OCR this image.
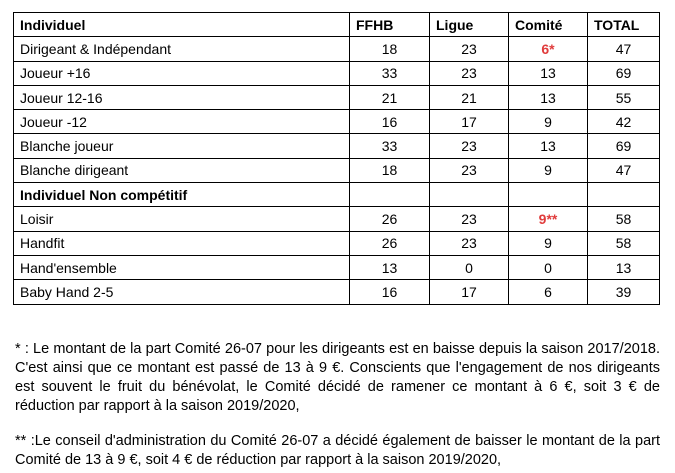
Individuel	FFHB	Ligue	Comité	TOTAL
Dirigeant & Indépendant	18	23	6*	47
Joueur +16	33	23	13	69
Joueur 12-16	21	21	13	55
Joueur -12	16	17	9	42
Blanche joueur	33	23	13	69
Blanche dirigeant	18	23	9	47
Individuel Non compétitif				
Loisir	26	23	9**	58
Handfit	26	23	9	58
Hand'ensemble	13	0	0	13
Baby Hand 2-5	16	17	6	39

* : Le montant de la part Comité 26-07 pour les dirigeants est en baisse depuis la saison 2017/2018. C'est ainsi que ce montant est passé de 13 à 9 €. Conscients que l'engagement de nos dirigeants est souvent le fruit du bénévolat, le Comité décidé de ramener ce montant à 6 €, soit 3 € de réduction par rapport à la saison 2019/2020,

** :Le conseil d'administration du Comité 26-07 a décidé également de baisser le montant de la part Comité de 13 à 9 €, soit 4 € de réduction par rapport à la saison 2019/2020,
